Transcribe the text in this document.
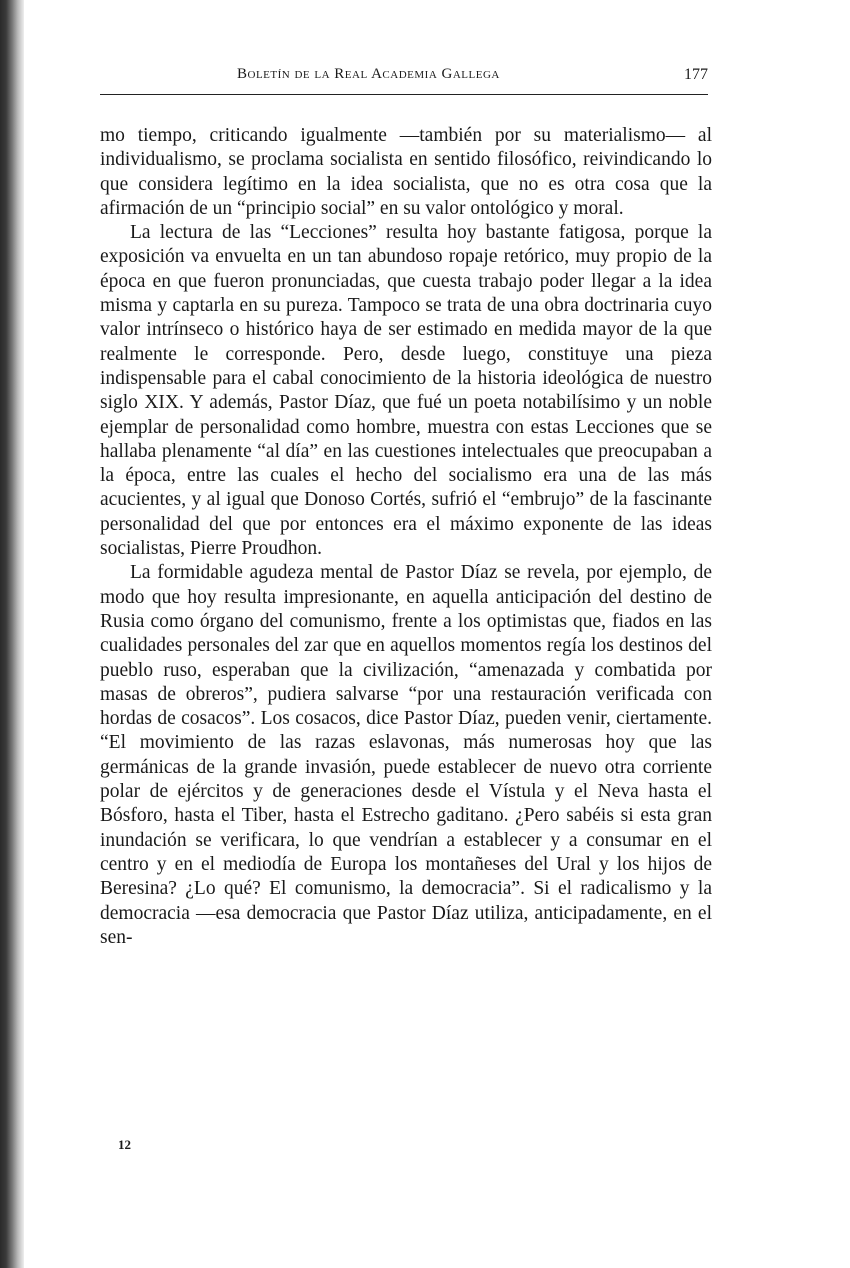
Boletín de la Real Academia Gallega	177

mo tiempo, criticando igualmente —también por su materialismo— al individualismo, se proclama socialista en sentido filosófico, reivindicando lo que considera legítimo en la idea socialista, que no es otra cosa que la afirmación de un “principio social” en su valor ontológico y moral.

La lectura de las “Lecciones” resulta hoy bastante fatigosa, porque la exposición va envuelta en un tan abundoso ropaje retórico, muy propio de la época en que fueron pronunciadas, que cuesta trabajo poder llegar a la idea misma y captarla en su pureza. Tampoco se trata de una obra doctrinaria cuyo valor intrínseco o histórico haya de ser estimado en medida mayor de la que realmente le corresponde. Pero, desde luego, constituye una pieza indispensable para el cabal conocimiento de la historia ideológica de nuestro siglo XIX. Y además, Pastor Díaz, que fué un poeta notabilísimo y un noble ejemplar de personalidad como hombre, muestra con estas Lecciones que se hallaba plenamente “al día” en las cuestiones intelectuales que preocupaban a la época, entre las cuales el hecho del socialismo era una de las más acucientes, y al igual que Donoso Cortés, sufrió el “embrujo” de la fascinante personalidad del que por entonces era el máximo exponente de las ideas socialistas, Pierre Proudhon.

La formidable agudeza mental de Pastor Díaz se revela, por ejemplo, de modo que hoy resulta impresionante, en aquella anticipación del destino de Rusia como órgano del comunismo, frente a los optimistas que, fiados en las cualidades personales del zar que en aquellos momentos regía los destinos del pueblo ruso, esperaban que la civilización, “amenazada y combatida por masas de obreros”, pudiera salvarse “por una restauración verificada con hordas de cosacos”. Los cosacos, dice Pastor Díaz, pueden venir, ciertamente. “El movimiento de las razas eslavonas, más numerosas hoy que las germánicas de la grande invasión, puede establecer de nuevo otra corriente polar de ejércitos y de generaciones desde el Vístula y el Neva hasta el Bósforo, hasta el Tiber, hasta el Estrecho gaditano. ¿Pero sabéis si esta gran inundación se verificara, lo que vendrían a establecer y a consumar en el centro y en el mediodía de Europa los montañeses del Ural y los hijos de Beresina? ¿Lo qué? El comunismo, la democracia”. Si el radicalismo y la democracia —esa democracia que Pastor Díaz utiliza, anticipadamente, en el sen-

12
